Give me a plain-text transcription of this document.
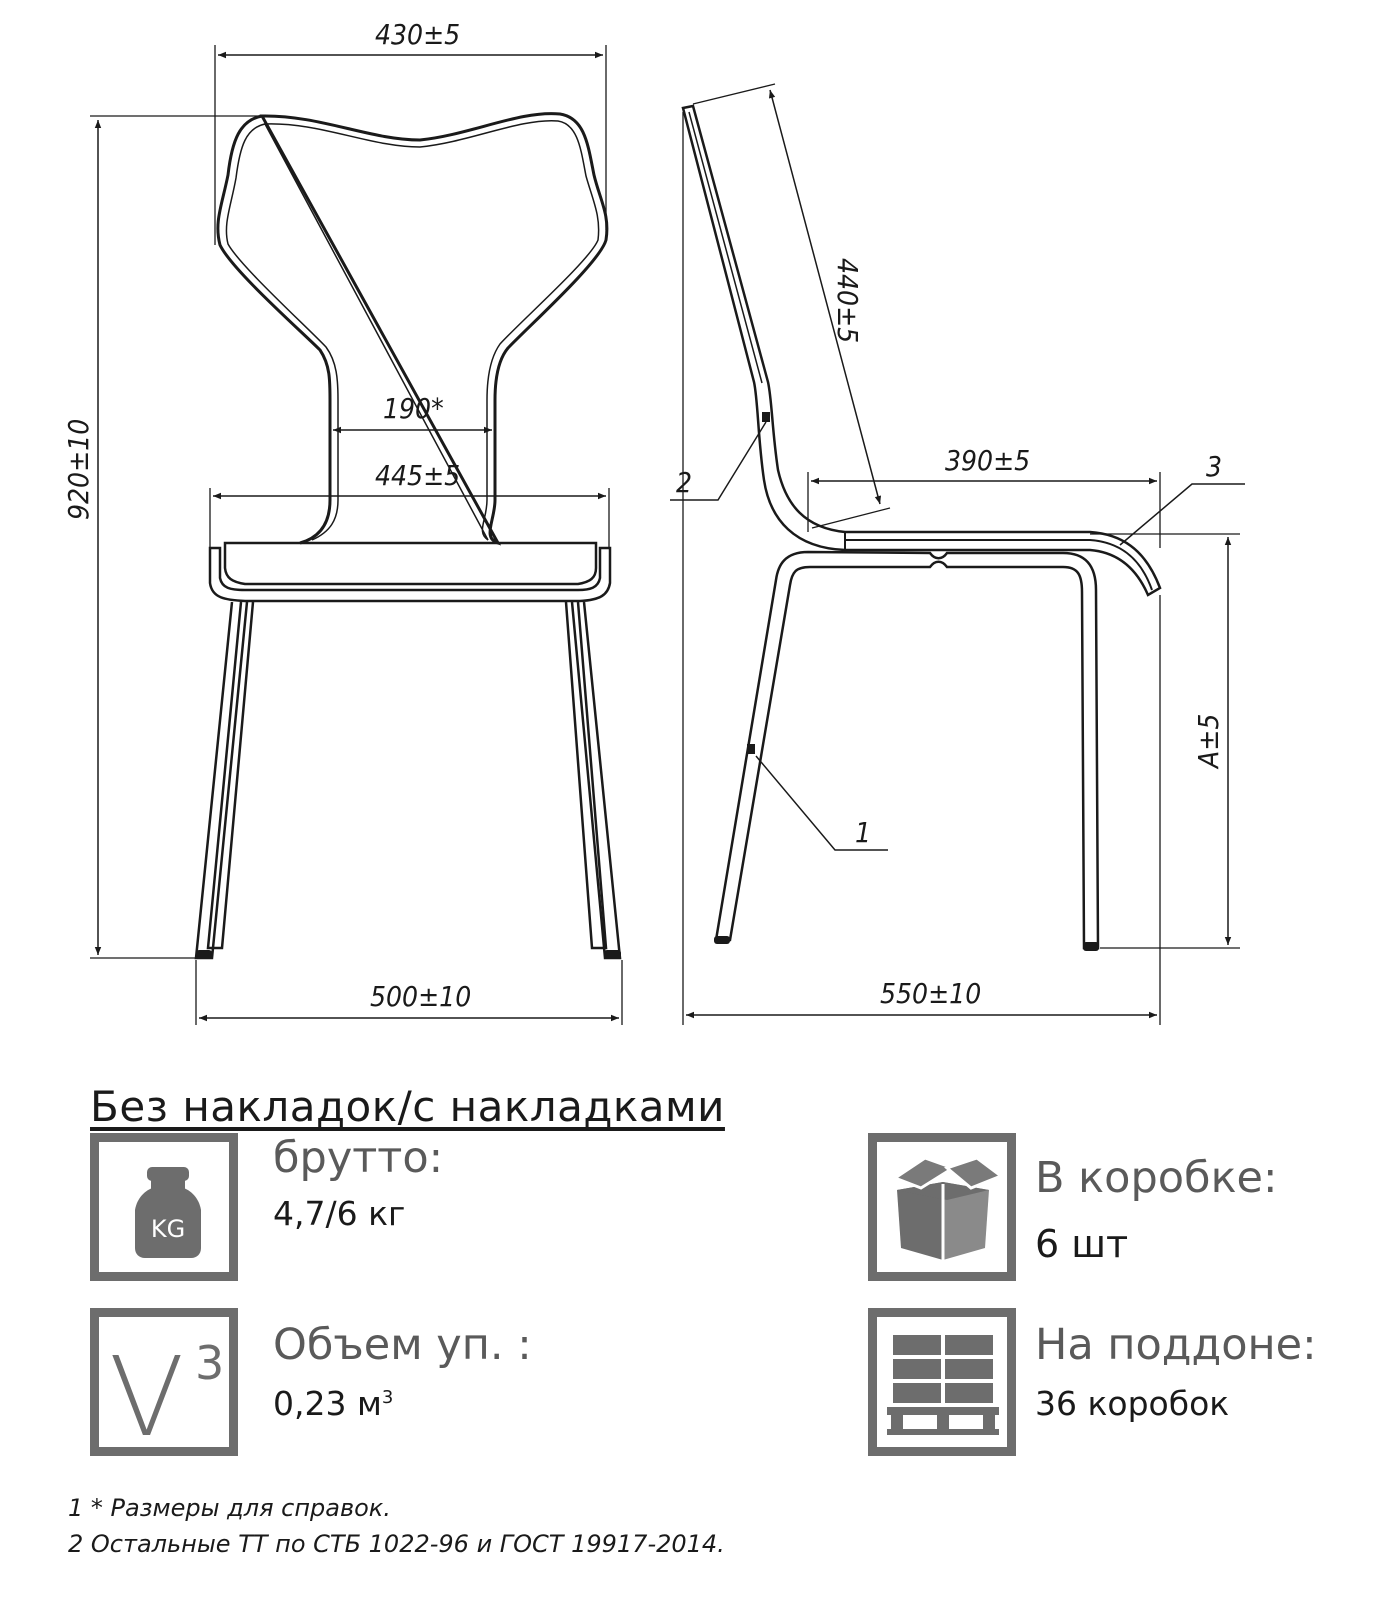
430±5
920±10
190*
445±5
500±10
440±5
390±5
A±5
550±10
2
1
3
Без накладок/с накладками
KG
брутто:
4,7/6 кг
V 3 Объем уп. :
0,23 $м^3$
В коробке:
6 шт
На поддоне:
36 коробок
1 * Размеры для справок.
2 Остальные ТТ по СТБ 1022-96 и ГОСТ 19917-2014.
